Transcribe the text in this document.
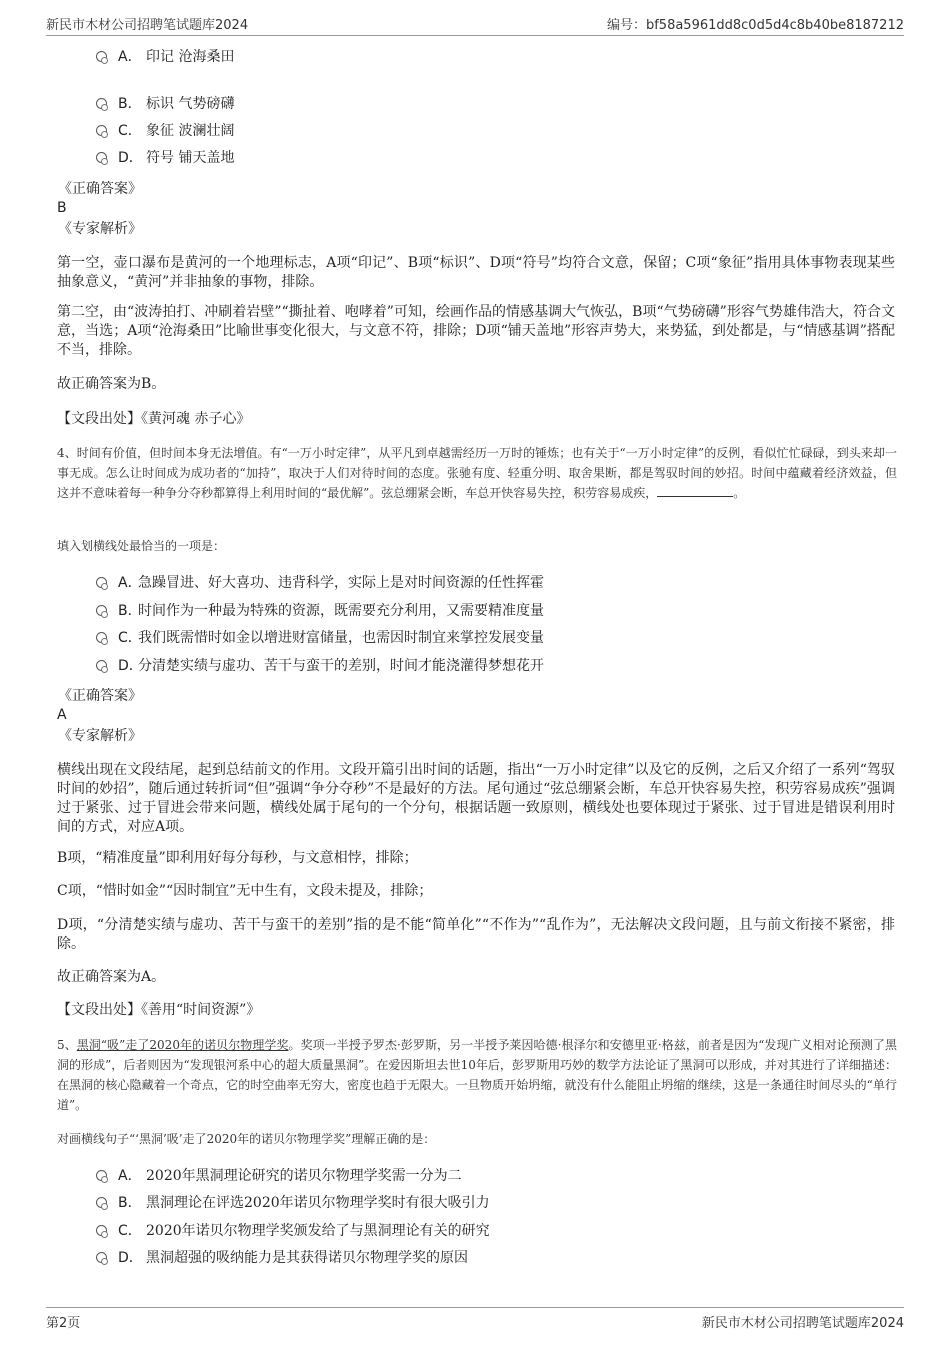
新民市木材公司招聘笔试题库2024	编号：bf58a5961dd8c0d5d4c8b40be8187212
A． 印记 沧海桑田
B． 标识 气势磅礴
C． 象征 波澜壮阔
D． 符号 铺天盖地
《正确答案》
B
《专家解析》
第一空，壶口瀑布是黄河的一个地理标志，A项“印记”、B项“标识”、D项“符号”均符合文意，保留；C项“象征”指用具体事物表现某些抽象意义，“黄河”并非抽象的事物，排除。
第二空，由“波涛拍打、冲刷着岩壁”“撕扯着、咆哮着”可知，绘画作品的情感基调大气恢弘，B项“气势磅礴”形容气势雄伟浩大，符合文意，当选；A项“沧海桑田”比喻世事变化很大，与文意不符，排除；D项“铺天盖地”形容声势大，来势猛，到处都是，与“情感基调”搭配不当，排除。
故正确答案为B。
【文段出处】《黄河魂 赤子心》
4、时间有价值，但时间本身无法增值。有“一万小时定律”，从平凡到卓越需经历一万时的锤炼；也有关于“一万小时定律”的反例，看似忙忙碌碌，到头来却一事无成。怎么让时间成为成功者的“加持”，取决于人们对待时间的态度。张驰有度、轻重分明、取舍果断，都是驾驭时间的妙招。时间中蕴藏着经济效益，但这并不意味着每一种争分夺秒都算得上利用时间的“最优解”。弦总绷紧会断，车总开快容易失控，积劳容易成疾，	。
填入划横线处最恰当的一项是：
A．
急躁冒进、好大喜功、违背科学，实际上是对时间资源的任性挥霍
B．
时间作为一种最为特殊的资源，既需要充分利用，又需要精准度量
C．
我们既需惜时如金以增进财富储量，也需因时制宜来掌控发展变量
D．
分清楚实绩与虚功、苦干与蛮干的差别，时间才能浇灌得梦想花开
《正确答案》
A
《专家解析》
横线出现在文段结尾，起到总结前文的作用。文段开篇引出时间的话题，指出“一万小时定律”以及它的反例，之后又介绍了一系列“驾驭时间的妙招”，随后通过转折词“但”强调“争分夺秒”不是最好的方法。尾句通过“弦总绷紧会断，车总开快容易失控，积劳容易成疾”强调过于紧张、过于冒进会带来问题，横线处属于尾句的一个分句，根据话题一致原则，横线处也要体现过于紧张、过于冒进是错误利用时间的方式，对应A项。
B项，“精准度量”即利用好每分每秒，与文意相悖，排除；
C项，“惜时如金”“因时制宜”无中生有，文段未提及，排除；
D项，“分清楚实绩与虚功、苦干与蛮干的差别”指的是不能“简单化”“不作为”“乱作为”，无法解决文段问题，且与前文衔接不紧密，排除。
故正确答案为A。
【文段出处】《善用“时间资源”》
5、黑洞“吸”走了2020年的诺贝尔物理学奖。奖项一半授予罗杰·彭罗斯，另一半授予莱因哈德·根泽尔和安德里亚·格兹，前者是因为“发现广义相对论预测了黑洞的形成”，后者则因为“发现银河系中心的超大质量黑洞”。在爱因斯坦去世10年后，彭罗斯用巧妙的数学方法论证了黑洞可以形成，并对其进行了详细描述：在黑洞的核心隐藏着一个奇点，它的时空曲率无穷大，密度也趋于无限大。一旦物质开始坍缩，就没有什么能阻止坍缩的继续，这是一条通往时间尽头的“单行道”。
对画横线句子“‘黑洞’吸’走了2020年的诺贝尔物理学奖”理解正确的是：
A． 2020年黑洞理论研究的诺贝尔物理学奖需一分为二
B． 黑洞理论在评选2020年诺贝尔物理学奖时有很大吸引力
C． 2020年诺贝尔物理学奖颁发给了与黑洞理论有关的研究
D． 黑洞超强的吸纳能力是其获得诺贝尔物理学奖的原因
第2页	新民市木材公司招聘笔试题库2024
